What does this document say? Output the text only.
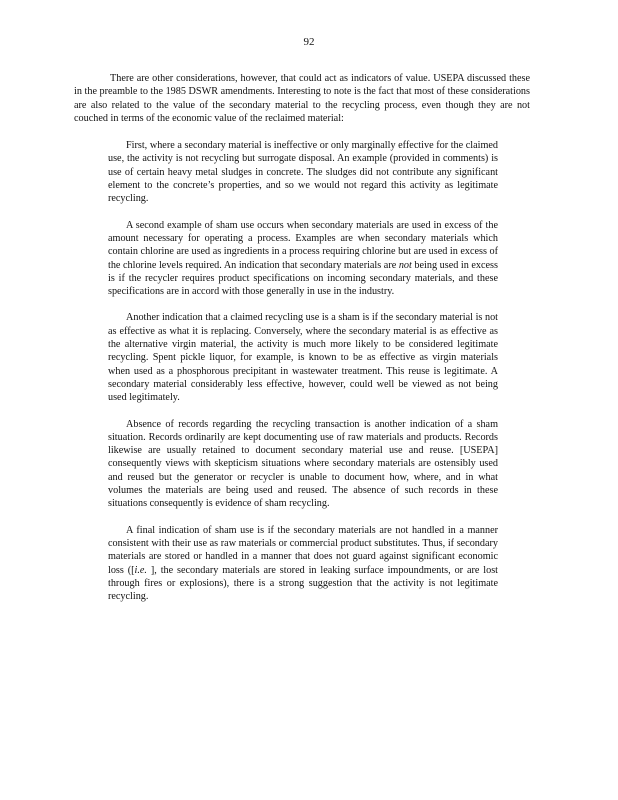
92

There are other considerations, however, that could act as indicators of value. USEPA discussed these in the preamble to the 1985 DSWR amendments. Interesting to note is the fact that most of these considerations are also related to the value of the secondary material to the recycling process, even though they are not couched in terms of the economic value of the reclaimed material:

First, where a secondary material is ineffective or only marginally effective for the claimed use, the activity is not recycling but surrogate disposal. An example (provided in comments) is use of certain heavy metal sludges in concrete. The sludges did not contribute any significant element to the concrete’s properties, and so we would not regard this activity as legitimate recycling.

A second example of sham use occurs when secondary materials are used in excess of the amount necessary for operating a process. Examples are when secondary materials which contain chlorine are used as ingredients in a process requiring chlorine but are used in excess of the chlorine levels required. An indication that secondary materials are not being used in excess is if the recycler requires product specifications on incoming secondary materials, and these specifications are in accord with those generally in use in the industry.

Another indication that a claimed recycling use is a sham is if the secondary material is not as effective as what it is replacing. Conversely, where the secondary material is as effective as the alternative virgin material, the activity is much more likely to be considered legitimate recycling. Spent pickle liquor, for example, is known to be as effective as virgin materials when used as a phosphorous precipitant in wastewater treatment. This reuse is legitimate. A secondary material considerably less effective, however, could well be viewed as not being used legitimately.

Absence of records regarding the recycling transaction is another indication of a sham situation. Records ordinarily are kept documenting use of raw materials and products. Records likewise are usually retained to document secondary material use and reuse. [USEPA] consequently views with skepticism situations where secondary materials are ostensibly used and reused but the generator or recycler is unable to document how, where, and in what volumes the materials are being used and reused. The absence of such records in these situations consequently is evidence of sham recycling.

A final indication of sham use is if the secondary materials are not handled in a manner consistent with their use as raw materials or commercial product substitutes. Thus, if secondary materials are stored or handled in a manner that does not guard against significant economic loss ([i.e. ], the secondary materials are stored in leaking surface impoundments, or are lost through fires or explosions), there is a strong suggestion that the activity is not legitimate recycling.
